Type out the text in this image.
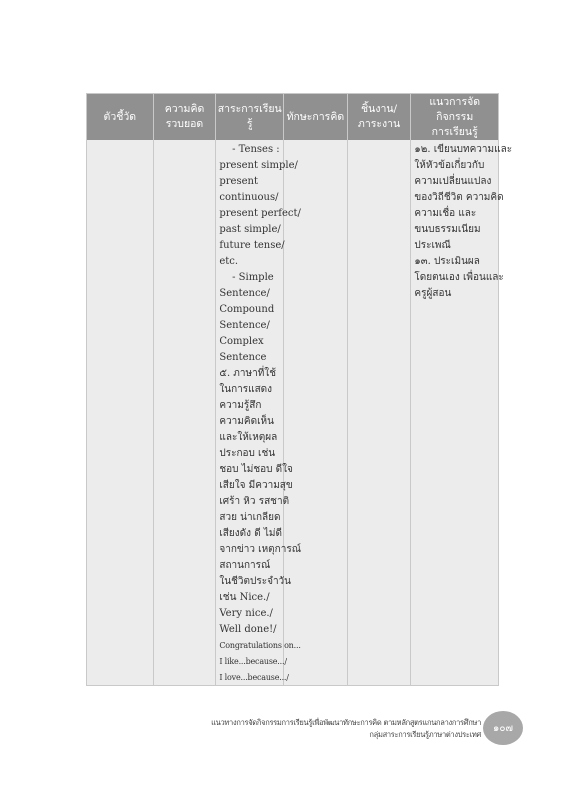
ตัวชี้วัด
ความคิด
รวบยอด
สาระการเรียนรู้
ทักษะการคิด
ชิ้นงาน/
ภาระงาน
แนวการจัดกิจกรรม
การเรียนรู้
- Tenses :
present simple/
present
continuous/
present perfect/
past simple/
future tense/
etc.
- Simple
Sentence/
Compound
Sentence/
Complex
Sentence
๕. ภาษาที่ใช้
ในการแสดง
ความรู้สึก
ความคิดเห็น
และให้เหตุผล
ประกอบ เช่น
ชอบ ไม่ชอบ ดีใจ
เสียใจ มีความสุข
เศร้า หิว รสชาติ
สวย น่าเกลียด
เสียงดัง ดี ไม่ดี
จากข่าว เหตุการณ์
สถานการณ์
ในชีวิตประจำวัน
เช่น Nice./
Very nice./
Well done!/
Congratulations on...
I like...because.../
I love...because.../
๑๒. เขียนบทความและ
ให้หัวข้อเกี่ยวกับ
ความเปลี่ยนแปลง
ของวิถีชีวิต ความคิด
ความเชื่อ และ
ขนบธรรมเนียม
ประเพณี
๑๓. ประเมินผล
โดยตนเอง เพื่อนและ
ครูผู้สอน
แนวทางการจัดกิจกรรมการเรียนรู้เพื่อพัฒนาทักษะการคิด ตามหลักสูตรแกนกลางการศึกษา
กลุ่มสาระการเรียนรู้ภาษาต่างประเทศ
๑๐๗
